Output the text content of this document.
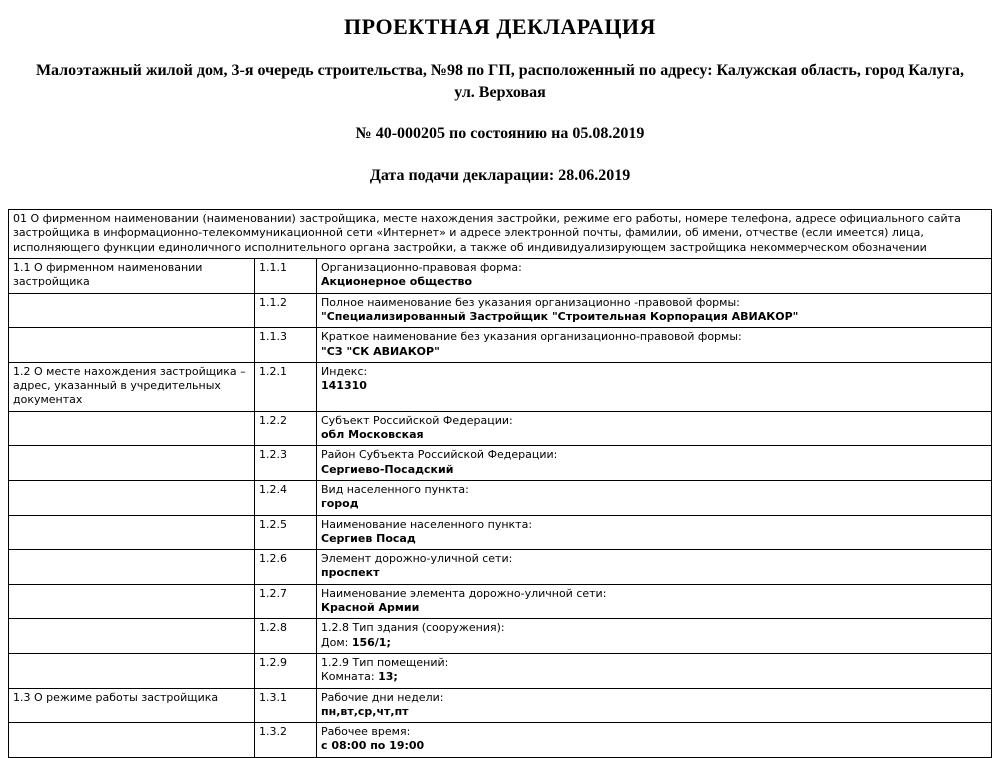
ПРОЕКТНАЯ ДЕКЛАРАЦИЯ
Малоэтажный жилой дом, 3-я очередь строительства, №98 по ГП, расположенный по адресу: Калужская область, город Калуга, ул. Верховая
№ 40-000205 по состоянию на 05.08.2019
Дата подачи декларации: 28.06.2019
01 О фирменном наименовании (наименовании) застройщика, месте нахождения застройки, режиме его работы, номере телефона, адресе официального сайта застройщика в информационно-телекоммуникационной сети «Интернет» и адресе электронной почты, фамилии, об имени, отчестве (если имеется) лица, исполняющего функции единоличного исполнительного органа застройки, а также об индивидуализирующем застройщика некоммерческом обозначении		
1.1 О фирменном наименовании застройщика	1.1.1	Организационно-правовая форма:
Акционерное общество

	1.1.2	Полное наименование без указания организационно -правовой формы:
"Специализированный Застройщик "Строительная Корпорация АВИАКОР"

	1.1.3	Краткое наименование без указания организационно-правовой формы:
"СЗ "СК АВИАКОР"

1.2 О месте нахождения застройщика – адрес, указанный в учредительных документах	1.2.1	Индекс:
141310

	1.2.2	Субъект Российской Федерации:
обл Московская

	1.2.3	Район Субъекта Российской Федерации:
Сергиево-Посадский

	1.2.4	Вид населенного пункта:
город

	1.2.5	Наименование населенного пункта:
Сергиев Посад

	1.2.6	Элемент дорожно-уличной сети:
проспект

	1.2.7	Наименование элемента дорожно-уличной сети:
Красной Армии

	1.2.8	1.2.8 Тип здания (сооружения):
Дом: 156/1;

	1.2.9	1.2.9 Тип помещений:
Комната: 13;

1.3 О режиме работы застройщика	1.3.1	Рабочие дни недели:
пн,вт,ср,чт,пт

	1.3.2	Рабочее время:
с 08:00 по 19:00
